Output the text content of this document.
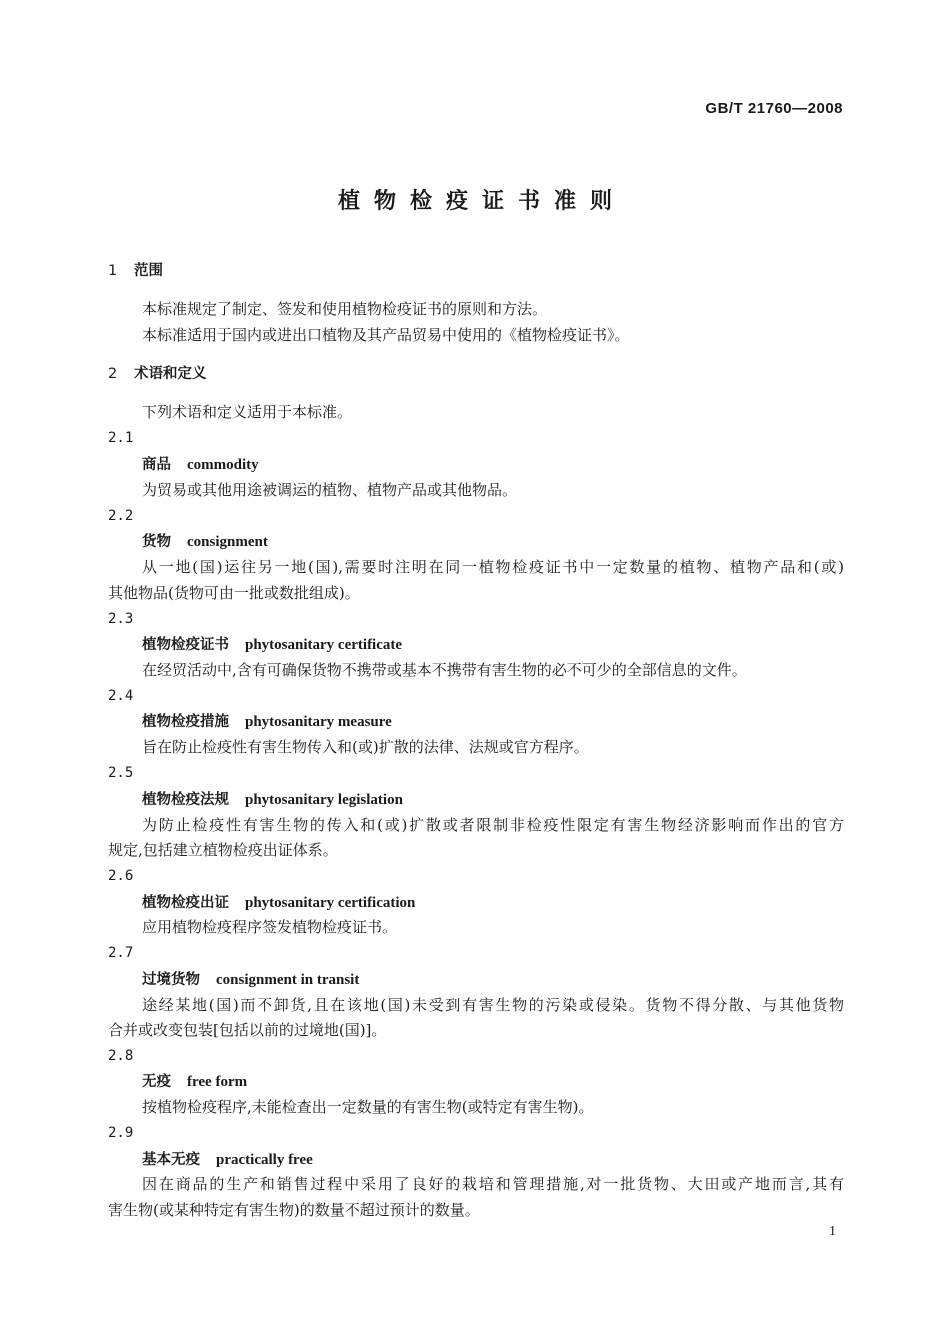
GB/T 21760—2008
植物检疫证书准则
1 范围
本标准规定了制定、签发和使用植物检疫证书的原则和方法。
本标准适用于国内或进出口植物及其产品贸易中使用的《植物检疫证书》。
2 术语和定义
下列术语和定义适用于本标准。
2.1
商品 commodity
为贸易或其他用途被调运的植物、植物产品或其他物品。
2.2
货物 consignment
从一地(国)运往另一地(国),需要时注明在同一植物检疫证书中一定数量的植物、植物产品和(或)
其他物品(货物可由一批或数批组成)。
2.3
植物检疫证书 phytosanitary certificate
在经贸活动中,含有可确保货物不携带或基本不携带有害生物的必不可少的全部信息的文件。
2.4
植物检疫措施 phytosanitary measure
旨在防止检疫性有害生物传入和(或)扩散的法律、法规或官方程序。
2.5
植物检疫法规 phytosanitary legislation
为防止检疫性有害生物的传入和(或)扩散或者限制非检疫性限定有害生物经济影响而作出的官方
规定,包括建立植物检疫出证体系。
2.6
植物检疫出证 phytosanitary certification
应用植物检疫程序签发植物检疫证书。
2.7
过境货物 consignment in transit
途经某地(国)而不卸货,且在该地(国)未受到有害生物的污染或侵染。货物不得分散、与其他货物
合并或改变包装[包括以前的过境地(国)]。
2.8
无疫 free form
按植物检疫程序,未能检查出一定数量的有害生物(或特定有害生物)。
2.9
基本无疫 practically free
因在商品的生产和销售过程中采用了良好的栽培和管理措施,对一批货物、大田或产地而言,其有
害生物(或某种特定有害生物)的数量不超过预计的数量。
1
